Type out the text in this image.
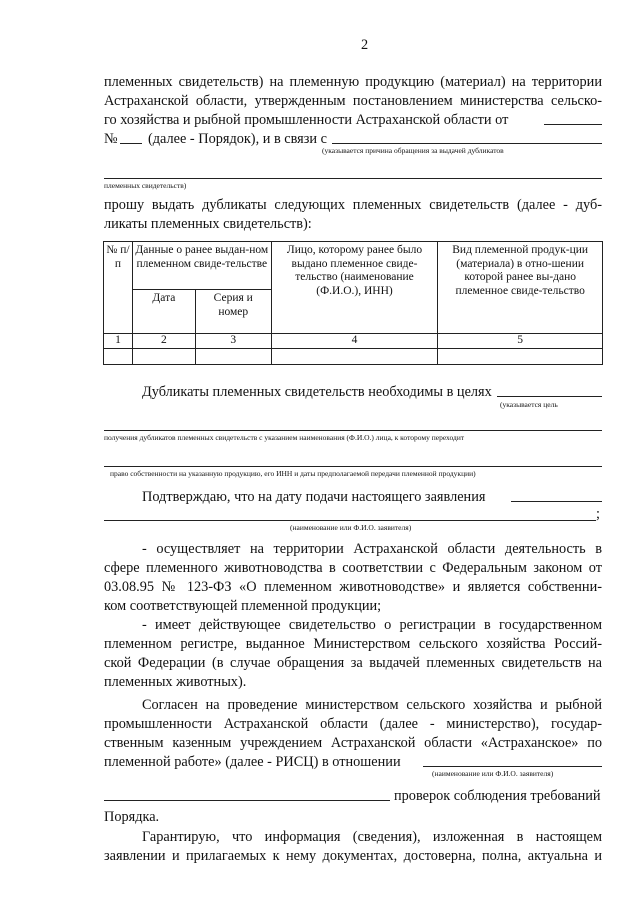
2
племенных свидетельств) на племенную продукцию (материал) на территории
Астраханской области, утвержденным постановлением министерства сельско-
го хозяйства и рыбной промышленности Астраханской области от
№ (далее - Порядок), и в связи с
(указывается причина обращения за выдачей дубликатов
племенных свидетельств)
прошу выдать дубликаты следующих племенных свидетельств (далее - дуб-
ликаты племенных свидетельств):
№ п/п	Данные о ранее выдан-ном племенном свиде-тельстве		Лицо, которому ранее было выдано племенное свиде-тельство (наименование (Ф.И.О.), ИНН)	Вид племенной продук-ции (материала) в отно-шении которой ранее вы-дано племенное свиде-тельство
	Дата	Серия и номер		
1	2	3	4	5

Дубликаты племенных свидетельств необходимы в целях
(указывается цель
получения дубликатов племенных свидетельств с указанием наименования (Ф.И.О.) лица, к которому переходит
право собственности на указанную продукцию, его ИНН и даты предполагаемой передачи племенной продукции)
Подтверждаю, что на дату подачи настоящего заявления
;
(наименование или Ф.И.О. заявителя)
- осуществляет на территории Астраханской области деятельность в
сфере племенного животноводства в соответствии с Федеральным законом от
03.08.95 № 123-ФЗ «О племенном животноводстве» и является собственни-
ком соответствующей племенной продукции;
- имеет действующее свидетельство о регистрации в государственном
племенном регистре, выданное Министерством сельского хозяйства Россий-
ской Федерации (в случае обращения за выдачей племенных свидетельств на
племенных животных).
Согласен на проведение министерством сельского хозяйства и рыбной
промышленности Астраханской области (далее - министерство), государ-
ственным казенным учреждением Астраханской области «Астраханское» по
племенной работе» (далее - РИСЦ) в отношении
(наименование или Ф.И.О. заявителя)
проверок соблюдения требований
Порядка.
Гарантирую, что информация (сведения), изложенная в настоящем
заявлении и прилагаемых к нему документах, достоверна, полна, актуальна и
